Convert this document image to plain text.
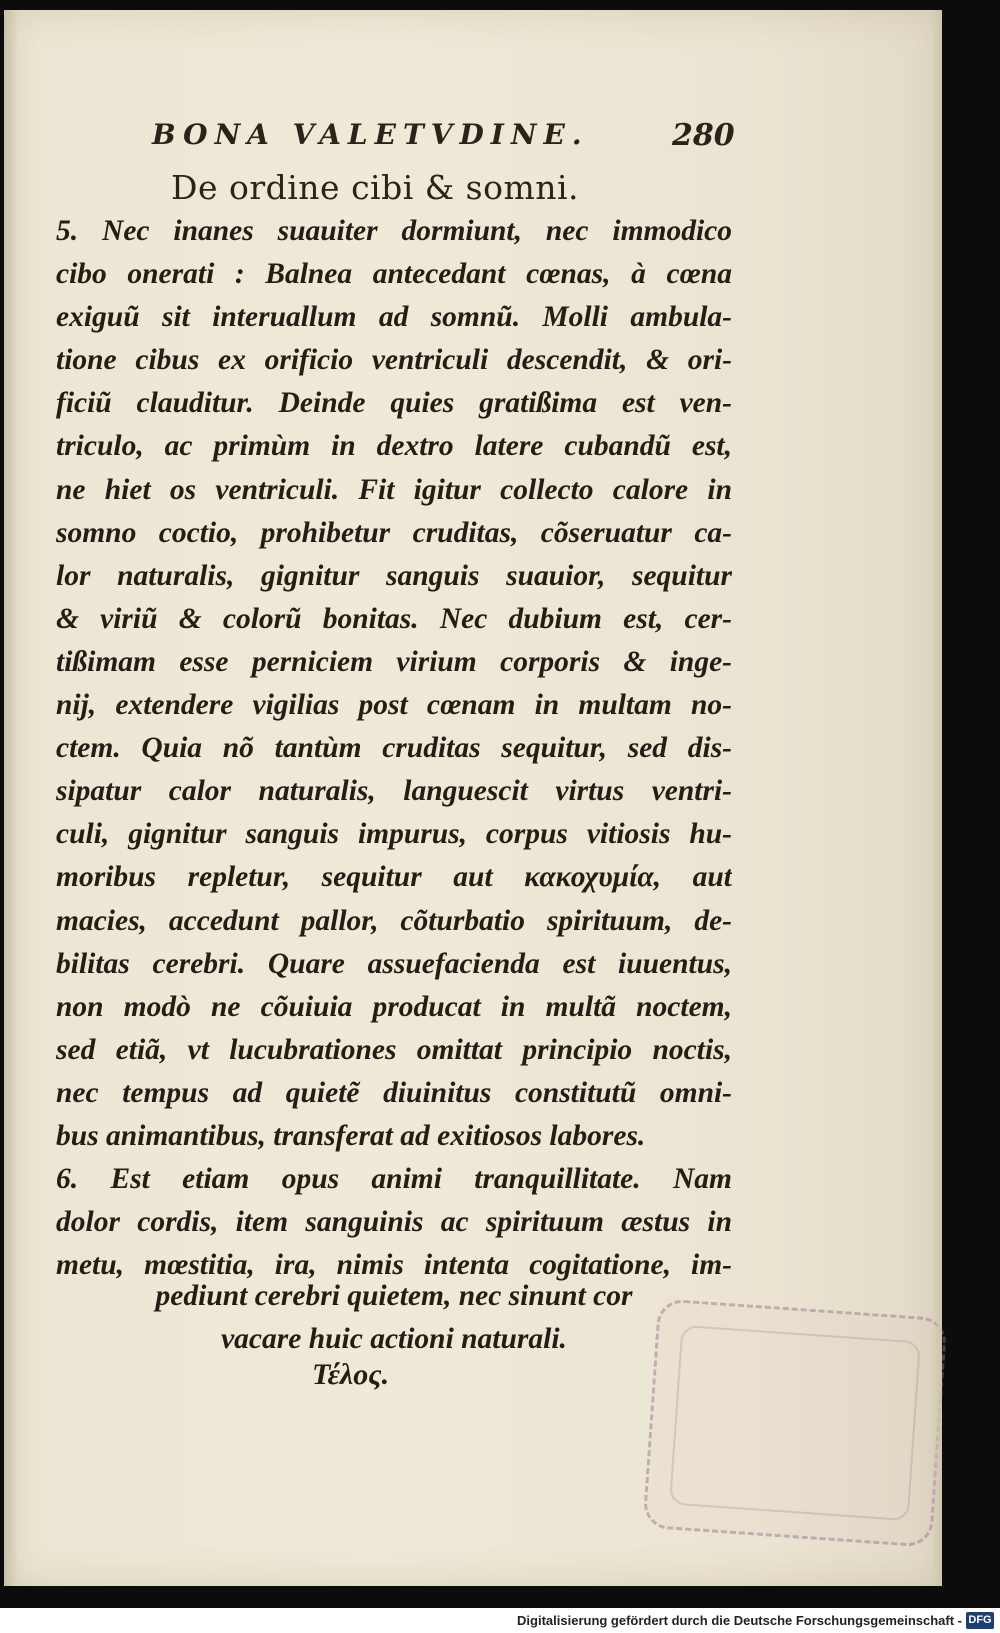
BONA VALETVDINE.	280
De ordine cibi & somni.
5. Nec inanes suauiter dormiunt, nec immodico
cibo onerati : Balnea antecedant cœnas, à cœna
exiguũ sit interuallum ad somnũ. Molli ambula-
tione cibus ex orificio ventriculi descendit, & ori-
ficiũ clauditur. Deinde quies gratißima est ven-
triculo, ac primùm in dextro latere cubandũ est,
ne hiet os ventriculi. Fit igitur collecto calore in
somno coctio, prohibetur cruditas, cõseruatur ca-
lor naturalis, gignitur sanguis suauior, sequitur
& viriũ & colorũ bonitas. Nec dubium est, cer-
tißimam esse perniciem virium corporis & inge-
nij, extendere vigilias post cœnam in multam no-
ctem. Quia nõ tantùm cruditas sequitur, sed dis-
sipatur calor naturalis, languescit virtus ventri-
culi, gignitur sanguis impurus, corpus vitiosis hu-
moribus repletur, sequitur aut κακοχυμία, aut
macies, accedunt pallor, cõturbatio spirituum, de-
bilitas cerebri. Quare assuefacienda est iuuentus,
non modò ne cõuiuia producat in multã noctem,
sed etiã, vt lucubrationes omittat principio noctis,
nec tempus ad quietẽ diuinitus constitutũ omni-
bus animantibus, transferat ad exitiosos labores.
6. Est etiam opus animi tranquillitate. Nam
dolor cordis, item sanguinis ac spirituum æstus in
metu, mœstitia, ira, nimis intenta cogitatione, im-
pediunt cerebri quietem, nec sinunt cor
vacare huic actioni naturali.
Τέλος.
Digitalisierung gefördert durch die Deutsche Forschungsgemeinschaft - DFG
